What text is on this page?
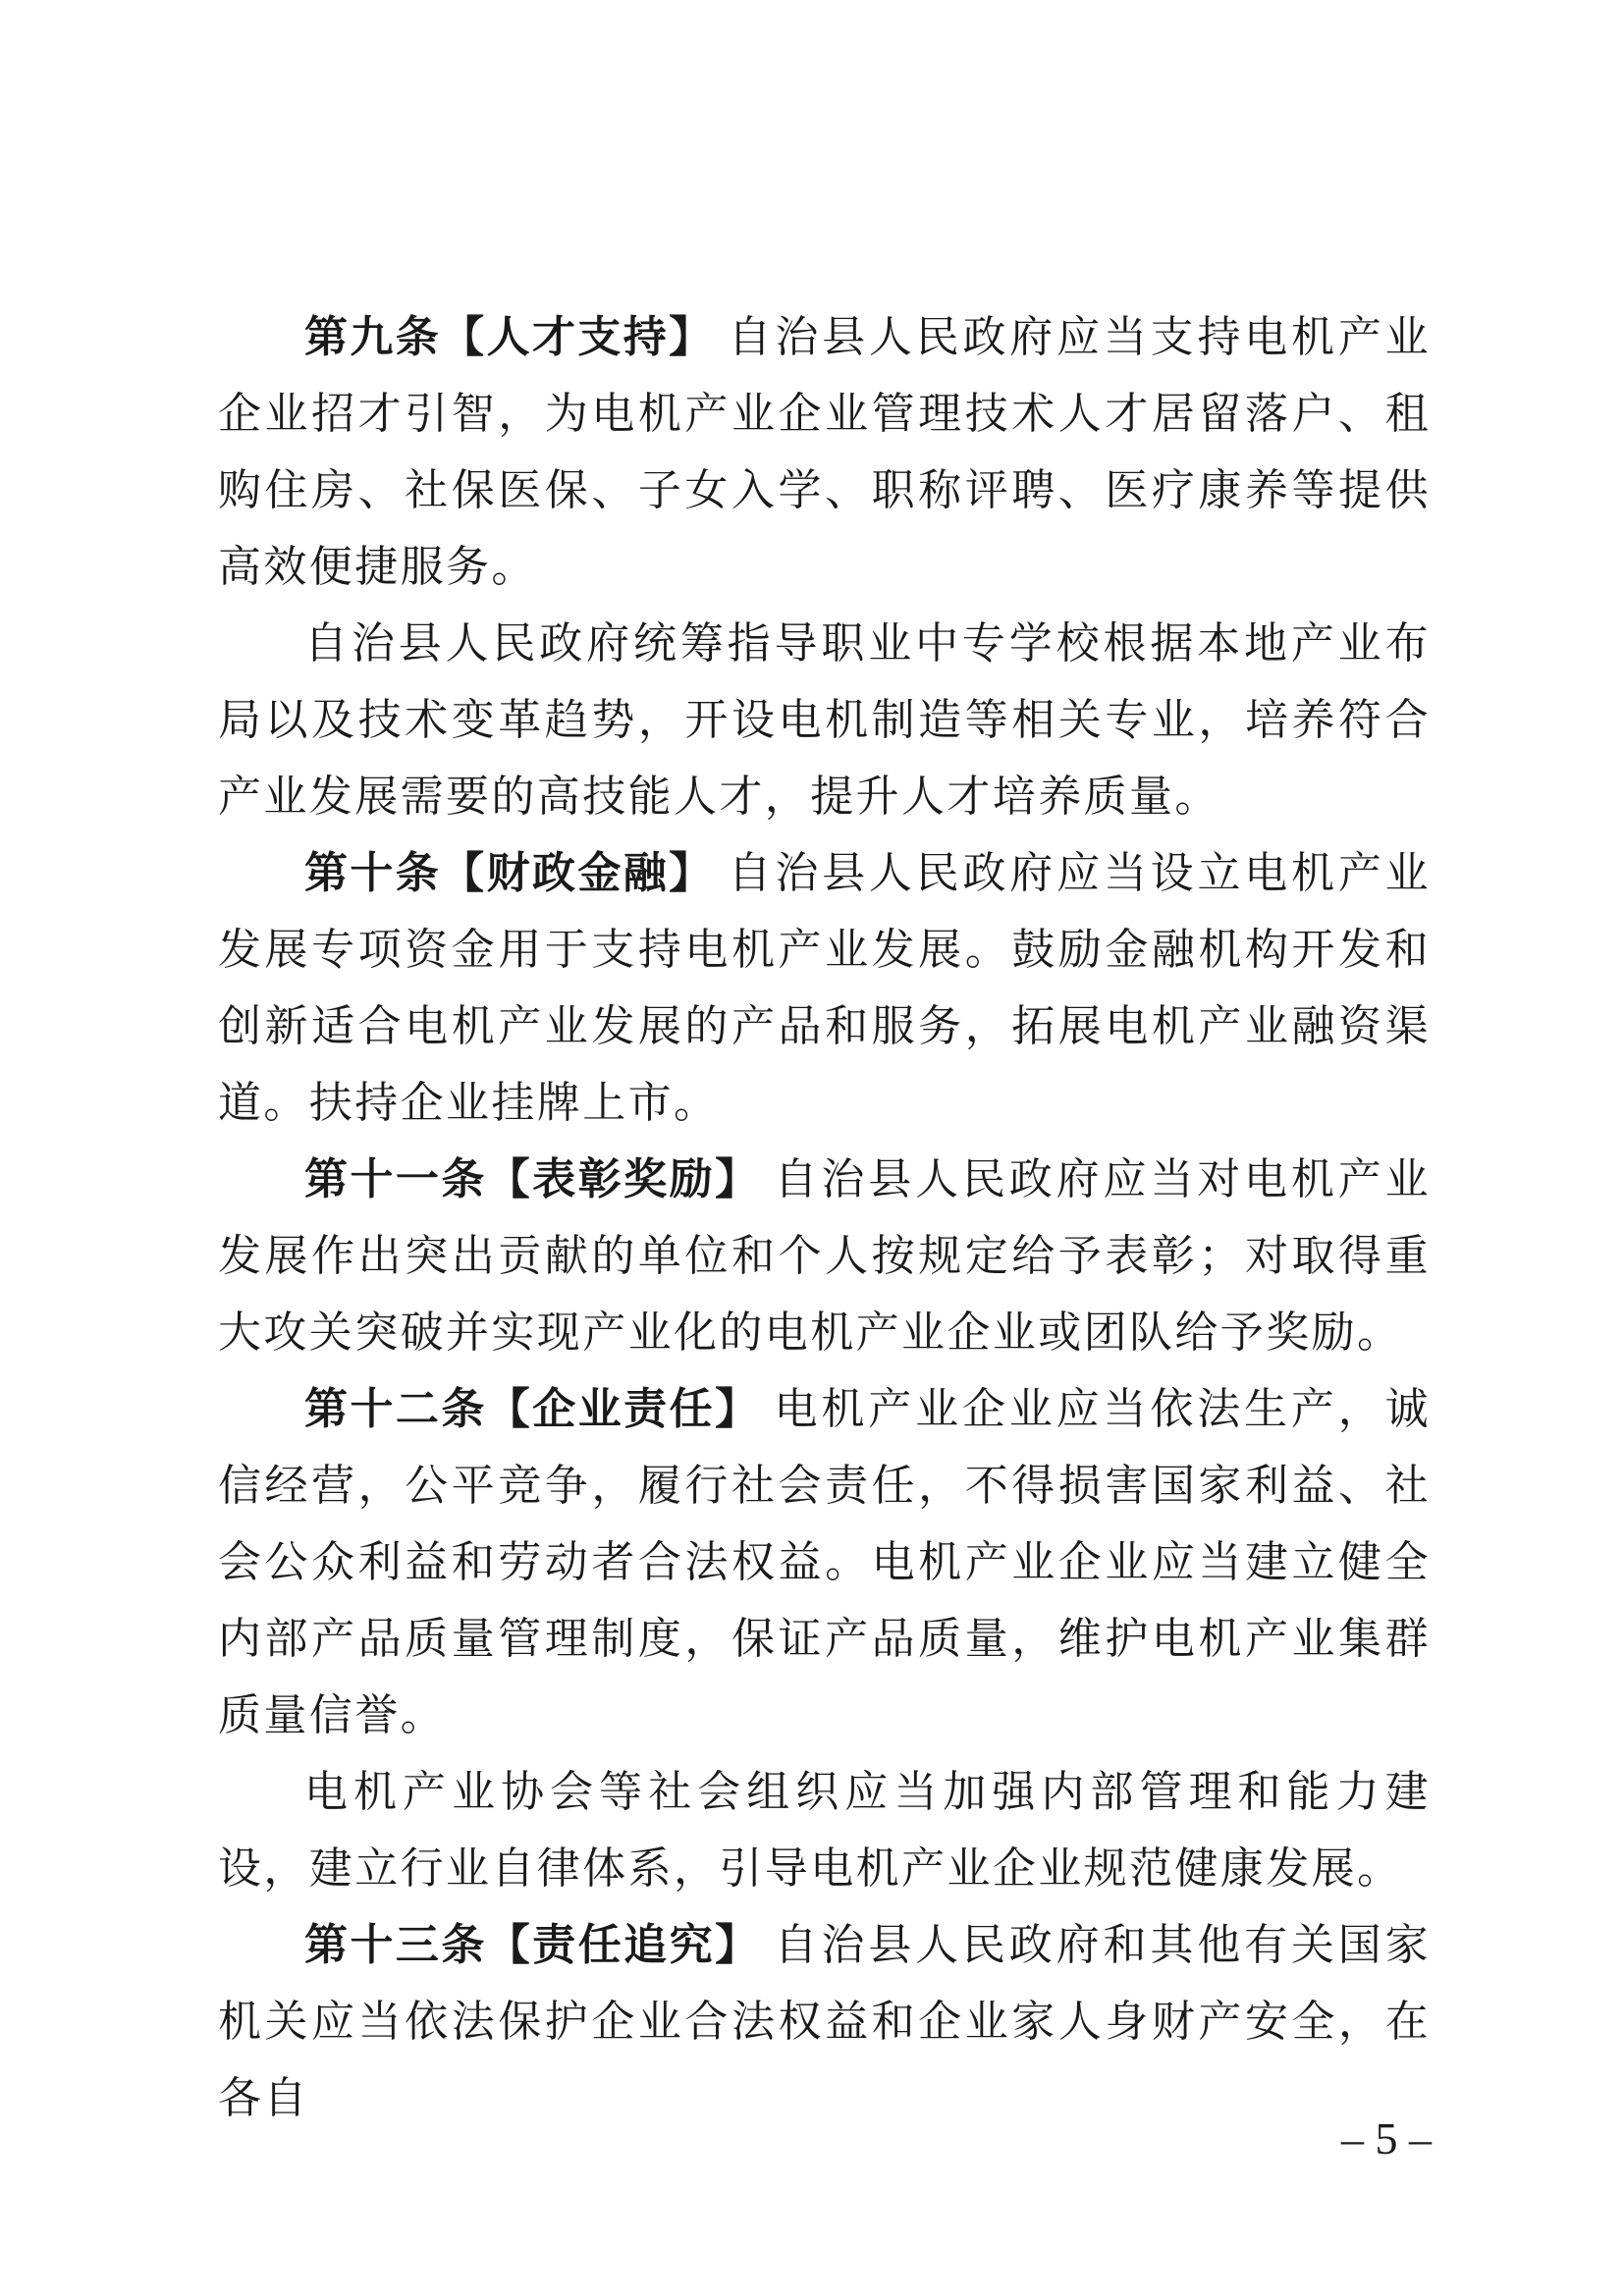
第九条【人才支持】 自治县人民政府应当支持电机产业企业招才引智，为电机产业企业管理技术人才居留落户、租购住房、社保医保、子女入学、职称评聘、医疗康养等提供高效便捷服务。

自治县人民政府统筹指导职业中专学校根据本地产业布局以及技术变革趋势，开设电机制造等相关专业，培养符合产业发展需要的高技能人才，提升人才培养质量。

第十条【财政金融】 自治县人民政府应当设立电机产业发展专项资金用于支持电机产业发展。鼓励金融机构开发和创新适合电机产业发展的产品和服务，拓展电机产业融资渠道。扶持企业挂牌上市。

第十一条【表彰奖励】 自治县人民政府应当对电机产业发展作出突出贡献的单位和个人按规定给予表彰；对取得重大攻关突破并实现产业化的电机产业企业或团队给予奖励。

第十二条【企业责任】 电机产业企业应当依法生产，诚信经营，公平竞争，履行社会责任，不得损害国家利益、社会公众利益和劳动者合法权益。电机产业企业应当建立健全内部产品质量管理制度，保证产品质量，维护电机产业集群质量信誉。

电机产业协会等社会组织应当加强内部管理和能力建设，建立行业自律体系，引导电机产业企业规范健康发展。

第十三条【责任追究】 自治县人民政府和其他有关国家机关应当依法保护企业合法权益和企业家人身财产安全，在各自

– 5 –
